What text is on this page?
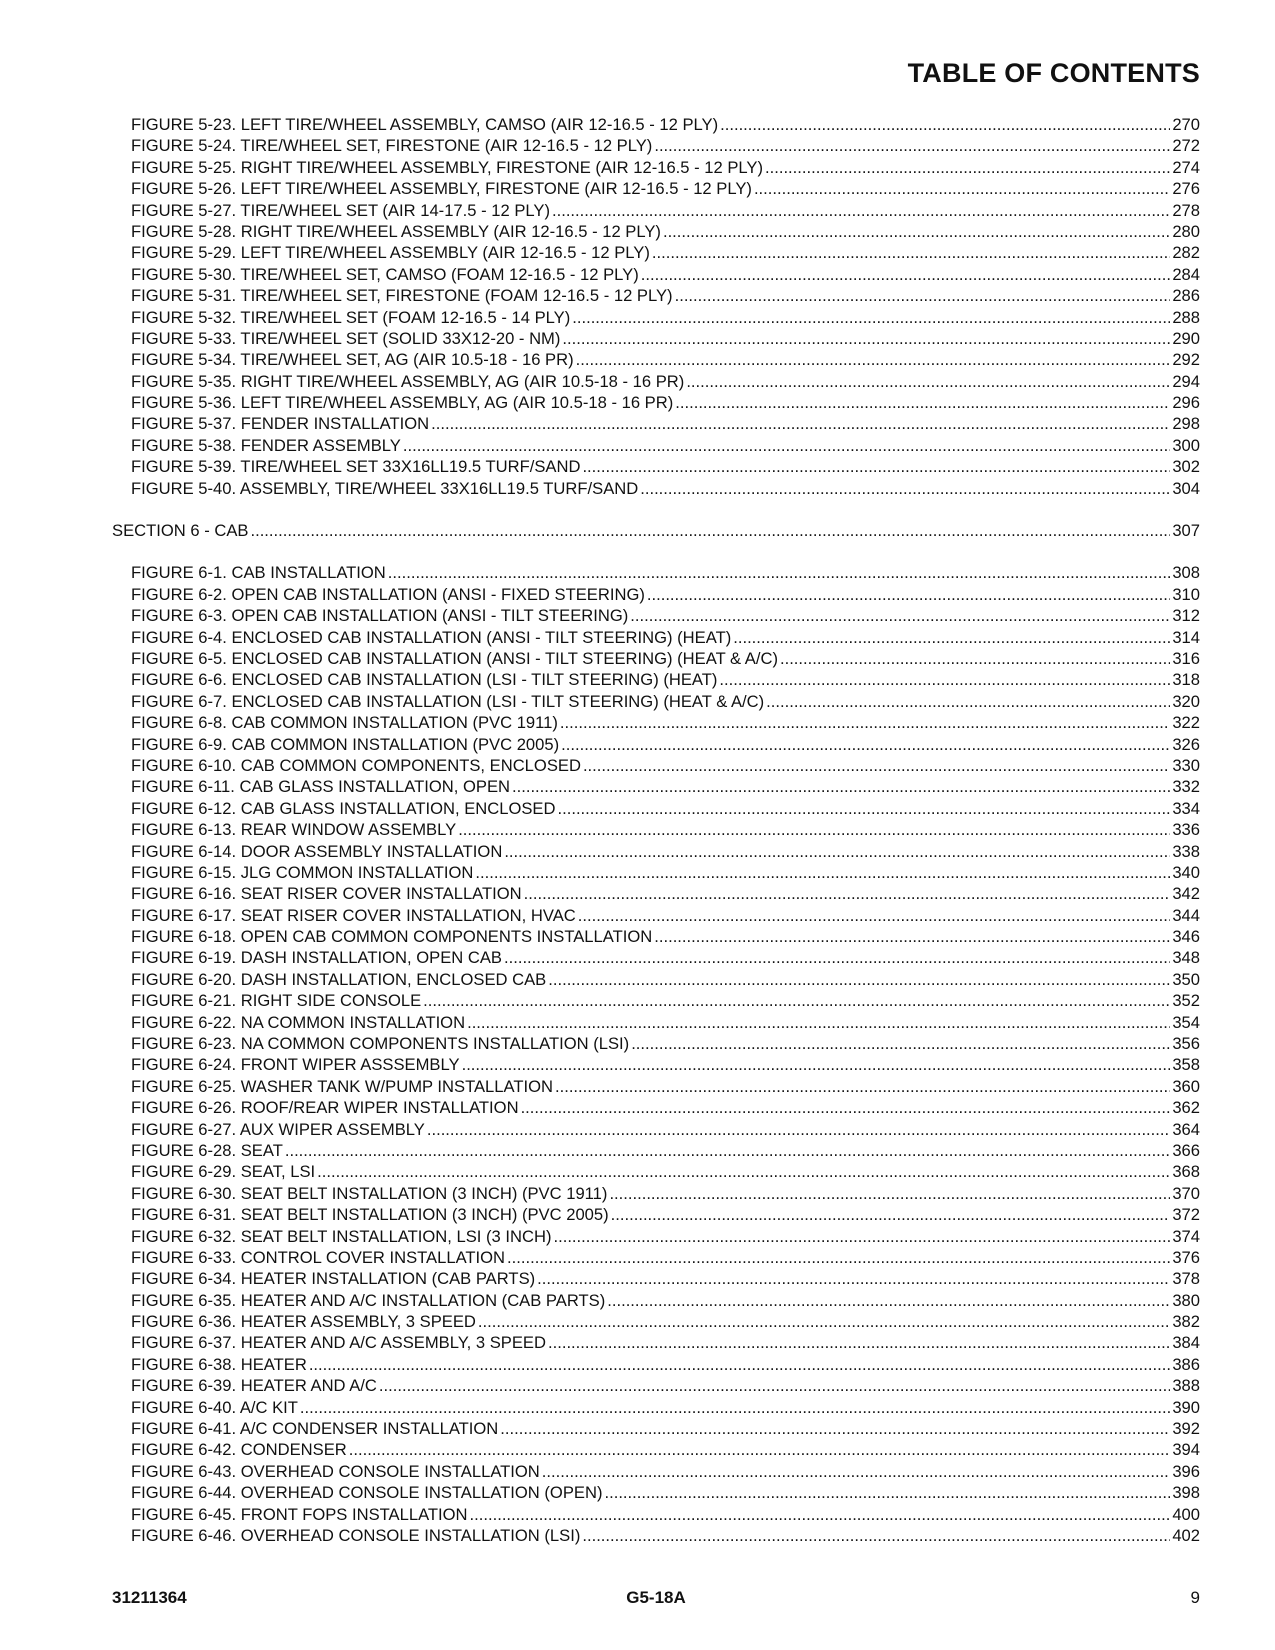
TABLE OF CONTENTS
FIGURE 5-23. LEFT TIRE/WHEEL ASSEMBLY, CAMSO (AIR 12-16.5 - 12 PLY) .....	270
FIGURE 5-24. TIRE/WHEEL SET, FIRESTONE (AIR 12-16.5 - 12 PLY) .....	272
FIGURE 5-25. RIGHT TIRE/WHEEL ASSEMBLY, FIRESTONE (AIR 12-16.5 - 12 PLY) .....	274
FIGURE 5-26. LEFT TIRE/WHEEL ASSEMBLY, FIRESTONE (AIR 12-16.5 - 12 PLY) .....	276
FIGURE 5-27. TIRE/WHEEL SET (AIR 14-17.5 - 12 PLY) .....	278
FIGURE 5-28. RIGHT TIRE/WHEEL ASSEMBLY (AIR 12-16.5 - 12 PLY) .....	280
FIGURE 5-29. LEFT TIRE/WHEEL ASSEMBLY (AIR 12-16.5 - 12 PLY) .....	282
FIGURE 5-30. TIRE/WHEEL SET, CAMSO (FOAM 12-16.5 - 12 PLY) .....	284
FIGURE 5-31. TIRE/WHEEL SET, FIRESTONE (FOAM 12-16.5 - 12 PLY) .....	286
FIGURE 5-32. TIRE/WHEEL SET (FOAM 12-16.5 - 14 PLY) .....	288
FIGURE 5-33. TIRE/WHEEL SET (SOLID 33X12-20 - NM) .....	290
FIGURE 5-34. TIRE/WHEEL SET, AG (AIR 10.5-18 - 16 PR) .....	292
FIGURE 5-35. RIGHT TIRE/WHEEL ASSEMBLY, AG (AIR 10.5-18 - 16 PR) .....	294
FIGURE 5-36. LEFT TIRE/WHEEL ASSEMBLY, AG (AIR 10.5-18 - 16 PR) .....	296
FIGURE 5-37. FENDER INSTALLATION .....	298
FIGURE 5-38. FENDER ASSEMBLY .....	300
FIGURE 5-39. TIRE/WHEEL SET 33X16LL19.5 TURF/SAND .....	302
FIGURE 5-40. ASSEMBLY, TIRE/WHEEL 33X16LL19.5 TURF/SAND .....	304
SECTION 6 - CAB .....	307
FIGURE 6-1. CAB INSTALLATION .....	308
FIGURE 6-2. OPEN CAB INSTALLATION (ANSI - FIXED STEERING) .....	310
FIGURE 6-3. OPEN CAB INSTALLATION (ANSI - TILT STEERING) .....	312
FIGURE 6-4. ENCLOSED CAB INSTALLATION (ANSI - TILT STEERING) (HEAT) .....	314
FIGURE 6-5. ENCLOSED CAB INSTALLATION (ANSI - TILT STEERING) (HEAT & A/C) .....	316
FIGURE 6-6. ENCLOSED CAB INSTALLATION (LSI - TILT STEERING) (HEAT) .....	318
FIGURE 6-7. ENCLOSED CAB INSTALLATION (LSI - TILT STEERING) (HEAT & A/C) .....	320
FIGURE 6-8. CAB COMMON INSTALLATION (PVC 1911) .....	322
FIGURE 6-9. CAB COMMON INSTALLATION (PVC 2005) .....	326
FIGURE 6-10. CAB COMMON COMPONENTS, ENCLOSED .....	330
FIGURE 6-11. CAB GLASS INSTALLATION, OPEN .....	332
FIGURE 6-12. CAB GLASS INSTALLATION, ENCLOSED .....	334
FIGURE 6-13. REAR WINDOW ASSEMBLY .....	336
FIGURE 6-14. DOOR ASSEMBLY INSTALLATION .....	338
FIGURE 6-15. JLG COMMON INSTALLATION .....	340
FIGURE 6-16. SEAT RISER COVER INSTALLATION .....	342
FIGURE 6-17. SEAT RISER COVER INSTALLATION, HVAC .....	344
FIGURE 6-18. OPEN CAB COMMON COMPONENTS INSTALLATION .....	346
FIGURE 6-19. DASH INSTALLATION, OPEN CAB .....	348
FIGURE 6-20. DASH INSTALLATION, ENCLOSED CAB .....	350
FIGURE 6-21. RIGHT SIDE CONSOLE .....	352
FIGURE 6-22. NA COMMON INSTALLATION .....	354
FIGURE 6-23. NA COMMON COMPONENTS INSTALLATION (LSI) .....	356
FIGURE 6-24. FRONT WIPER ASSSEMBLY .....	358
FIGURE 6-25. WASHER TANK W/PUMP INSTALLATION .....	360
FIGURE 6-26. ROOF/REAR WIPER INSTALLATION .....	362
FIGURE 6-27. AUX WIPER ASSEMBLY .....	364
FIGURE 6-28. SEAT .....	366
FIGURE 6-29. SEAT, LSI .....	368
FIGURE 6-30. SEAT BELT INSTALLATION (3 INCH) (PVC 1911) .....	370
FIGURE 6-31. SEAT BELT INSTALLATION (3 INCH) (PVC 2005) .....	372
FIGURE 6-32. SEAT BELT INSTALLATION, LSI (3 INCH) .....	374
FIGURE 6-33. CONTROL COVER INSTALLATION .....	376
FIGURE 6-34. HEATER INSTALLATION (CAB PARTS) .....	378
FIGURE 6-35. HEATER AND A/C INSTALLATION (CAB PARTS) .....	380
FIGURE 6-36. HEATER ASSEMBLY, 3 SPEED .....	382
FIGURE 6-37. HEATER AND A/C ASSEMBLY, 3 SPEED .....	384
FIGURE 6-38. HEATER .....	386
FIGURE 6-39. HEATER AND A/C .....	388
FIGURE 6-40. A/C KIT .....	390
FIGURE 6-41. A/C CONDENSER INSTALLATION .....	392
FIGURE 6-42. CONDENSER .....	394
FIGURE 6-43. OVERHEAD CONSOLE INSTALLATION .....	396
FIGURE 6-44. OVERHEAD CONSOLE INSTALLATION (OPEN) .....	398
FIGURE 6-45. FRONT FOPS INSTALLATION .....	400
FIGURE 6-46. OVERHEAD CONSOLE INSTALLATION (LSI) .....	402
31211364	G5-18A	9
